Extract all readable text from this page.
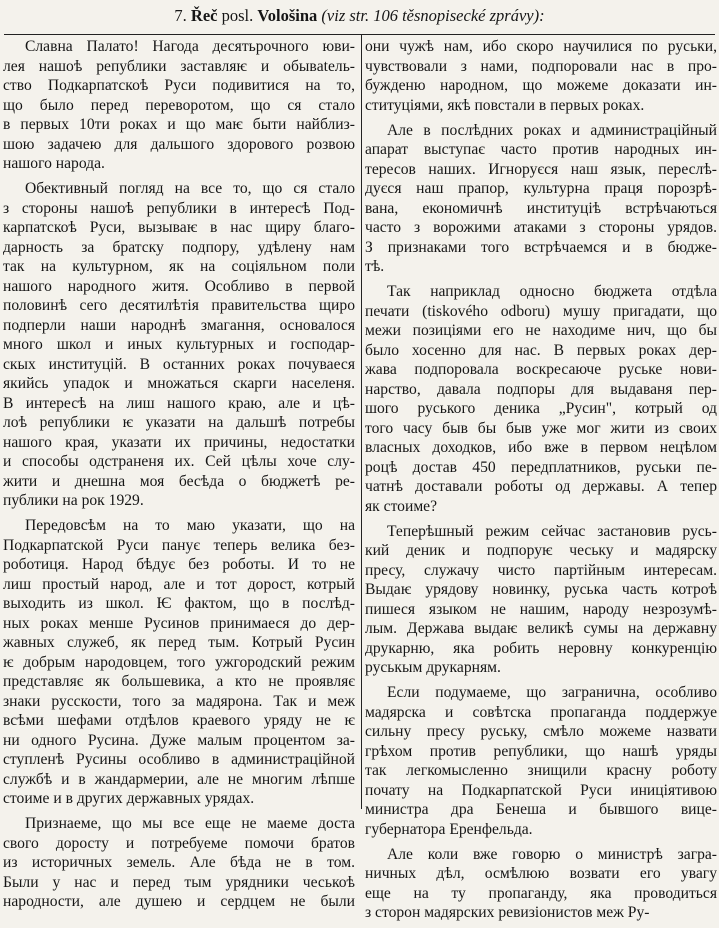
7. Řeč posl. Vološina (viz str. 106 těsnopisecké zprávy):

Славна Палато! Нагода десятьрочного юви-
лея нашоѣ републики заставляѥ и обывatель-
ство Подкарпатскоѣ Руси подивитися на то,
що было перед переворотом, що ся стало
в первых 10ти роках и що маѥ быти найблиз-
шою задачею для дальшого здорового розвою
нашого народа.

Обективный погляд на все то, що ся стало
з стороны нашоѣ републики в интересѣ Под-
карпатскоѣ Руси, вызываѥ в нас щиру благо-
дарность за братску подпору, удѣлену нам
так на культурном, як на соціяльном поли
нашого народного житя. Особливо в первой
половинѣ сего десятилѣтія правительства щиро
подперли наши народнѣ змагання, основалося
много школ и иных культурных и господар-
скых институцій. В останних роках почуваеся
якийсь упадок и множаться скарги населеня.
В интересѣ на лиш нашого краю, але и цѣ-
лоѣ републики ѥ указати на дальшѣ потребы
нашого края, указати их причины, недостатки
и способы одстраненя их. Сей цѣлы хоче слу-
жити и днешна моя бесѣда о бюджетѣ ре-
публики на рок 1929.

Передовсѣм на то маю указати, що на
Подкарпатской Руси панує теперь велика без-
роботиця. Народ бѣдує без роботы. И то не
лиш простый народ, але и тот дорост, котрый
выходить из школ. Ѥ фактом, що в послѣд-
ных роках менше Русинов принимаеся до дер-
жавных служеб, як перед тым. Котрый Русин
ѥ добрым народовцем, того ужгородский режим
представляє як большевика, а кто не проявляє
знаки русскости, того за мадярона. Так и меж
всѣми шефами отдѣлов краевого уряду не ѥ
ни одного Русина. Дуже малым процентом за-
ступленѣ Русины особливо в администраційной
службѣ и в жандармерии, але не многим лѣпше
стоиме и в других державных урядах.

Признаеме, що мы все еще не маеме доста
свого доросту и потребуеме помочи братов
из историчных земель. Але бѣда не в том.
Были у нас и перед тым урядники чеськоѣ
народности, але душею и сердцем не были

они чужѣ нам, ибо скоро научилися по руськи,
чувствовали з нами, подпоровали нас в про-
бужденю народном, що можеме доказати ин-
ституціями, якѣ повстали в первых роках.

Але в послѣдних роках и администраційный
апарат выступає часто против народных ин-
тересов наших. Игноруєся наш язык, переслѣ-
дуєся наш прапор, культурна праця порозрѣ-
вана, економичнѣ институціѣ встрѣчаються
часто з ворожими атаками з стороны урядов.
З признаками того встрѣчаемся и в бюдже-
тѣ.

Так наприклад односно бюджета отдѣла
печати (tiskového odboru) мушу пригадати, що
межи позиціями его не находиме нич, що бы
было хосенно для нас. В первых роках дер-
жава подпоровала воскресаюче руське нови-
нарство, давала подпоры для выдаваня пер-
шого руського деника „Русин", котрый од
того часу быв бы быв уже мог жити из своих
власных доходков, ибо вже в первом нецѣлом
роцѣ достав 450 передплатников, руськи пе-
чатнѣ доставали роботы од державы. А тепер
як стоиме?

Теперѣшный режим сейчас застановив русь-
кий деник и подпоруѥ чеську и мадярску
пресу, служачу чисто партійным интересам.
Выдаѥ урядову новинку, руська часть котроѣ
пишеся языком не нашим, народу незрозумѣ-
лым. Держава выдаѥ великѣ сумы на державну
друкарню, яка робить неровну конкуренцію
руськым друкарням.

Если подумаеме, що загранична, особливо
мадярска и совѣтска пропаганда поддержуе
сильну пресу руську, смѣло можеме назвати
грѣхом против републики, що нашѣ уряды
так легкомысленно знищили красну роботу
почату на Подкарпатской Руси иниціятивою
министра дра Бенеша и бывшого вице-
губернатора Еренфельда.

Але коли вже говорю о министрѣ загра-
ничных дѣл, осмѣлюю возвати его увагу
еще на ту пропаганду, яка проводиться
з сторон мадярских ревизіонистов меж Ру-
